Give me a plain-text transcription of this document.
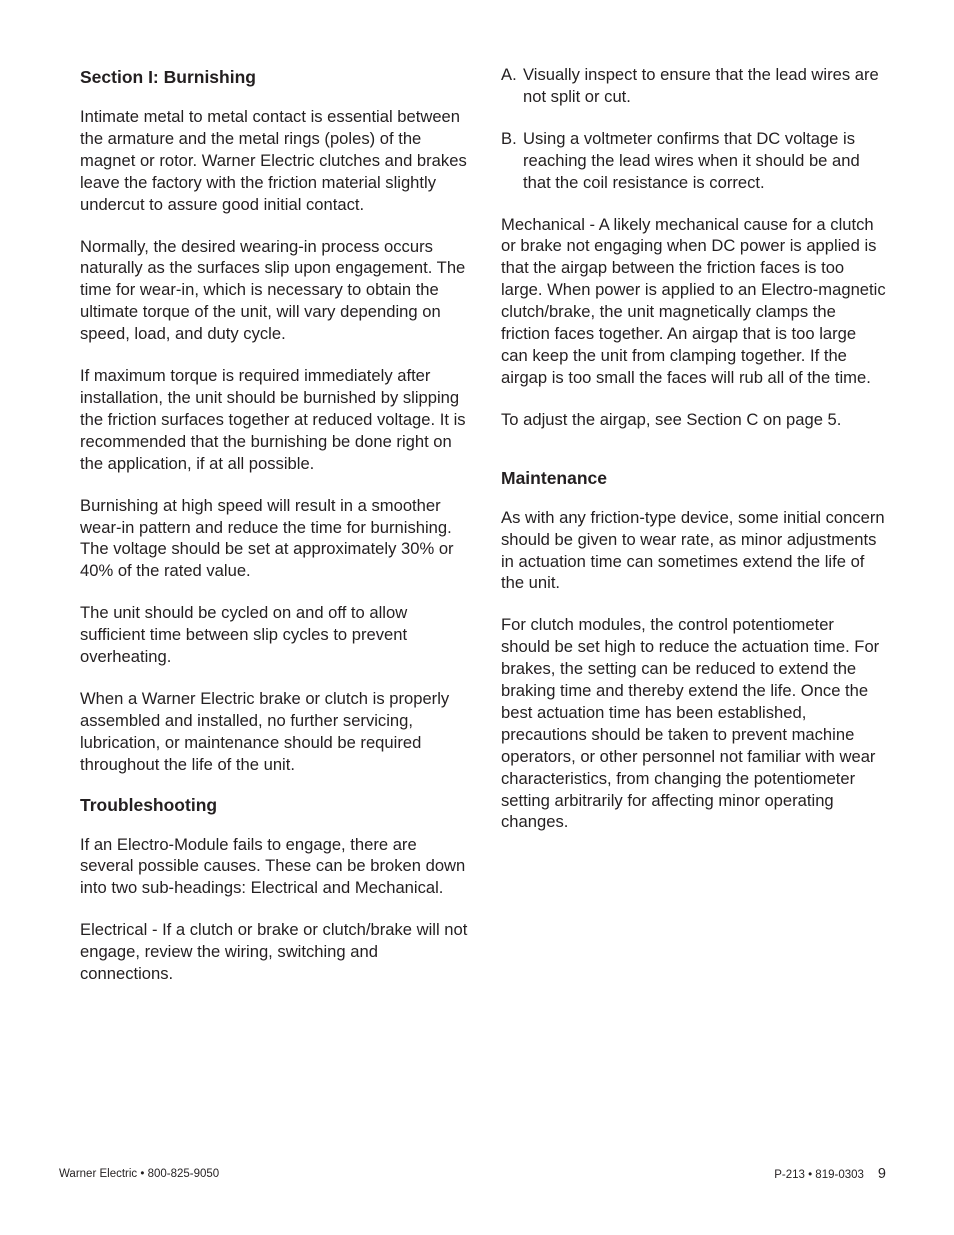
Section I: Burnishing

Intimate metal to metal contact is essential between the armature and the metal rings (poles) of the magnet or rotor. Warner Electric clutches and brakes leave the factory with the friction material slightly undercut to assure good initial contact.

Normally, the desired wearing-in process occurs naturally as the surfaces slip upon engagement. The time for wear-in, which is necessary to obtain the ultimate torque of the unit, will vary depending on speed, load, and duty cycle.

If maximum torque is required immediately after installation, the unit should be burnished by slipping the friction surfaces together at reduced voltage. It is recommended that the burnishing be done right on the application, if at all possible.

Burnishing at high speed will result in a smoother wear-in pattern and reduce the time for burnishing. The voltage should be set at approximately 30% or 40% of the rated value.

The unit should be cycled on and off to allow sufficient time between slip cycles to prevent overheating.

When a Warner Electric brake or clutch is properly assembled and installed, no further servicing, lubrication, or maintenance should be required throughout the life of the unit.

Troubleshooting

If an Electro-Module fails to engage, there are several possible causes. These can be broken down into two sub-headings: Electrical and Mechanical.

Electrical - If a clutch or brake or clutch/brake will not engage, review the wiring, switching and connections.

A. Visually inspect to ensure that the lead wires are not split or cut.
B. Using a voltmeter confirms that DC voltage is reaching the lead wires when it should be and that the coil resistance is correct.

Mechanical - A likely mechanical cause for a clutch or brake not engaging when DC power is applied is that the airgap between the friction faces is too large. When power is applied to an Electro-magnetic clutch/brake, the unit magnetically clamps the friction faces together. An airgap that is too large can keep the unit from clamping together. If the airgap is too small the faces will rub all of the time.

To adjust the airgap, see Section C on page 5.

Maintenance

As with any friction-type device, some initial concern should be given to wear rate, as minor adjustments in actuation time can sometimes extend the life of the unit.

For clutch modules, the control potentiometer should be set high to reduce the actuation time. For brakes, the setting can be reduced to extend the braking time and thereby extend the life. Once the best actuation time has been established, precautions should be taken to prevent machine operators, or other personnel not familiar with wear characteristics, from changing the potentiometer setting arbitrarily for affecting minor operating changes.

Warner Electric • 800-825-9050	P-213 • 819-0303 9
